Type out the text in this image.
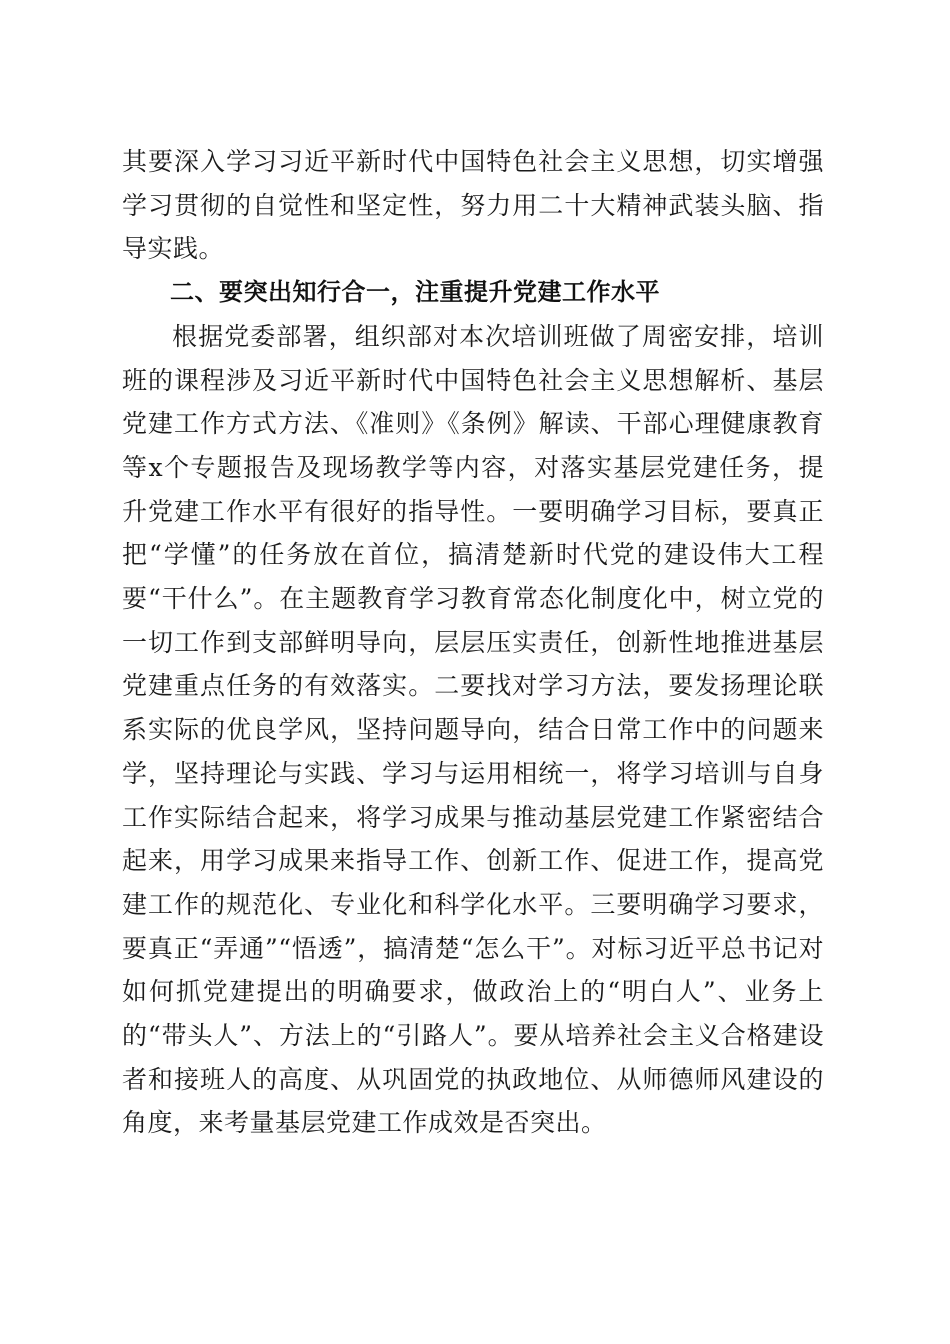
其要深入学习习近平新时代中国特色社会主义思想，切实增强学习贯彻的自觉性和坚定性，努力用二十大精神武装头脑、指导实践。

二、要突出知行合一，注重提升党建工作水平

根据党委部署，组织部对本次培训班做了周密安排，培训班的课程涉及习近平新时代中国特色社会主义思想解析、基层党建工作方式方法、《准则》《条例》解读、干部心理健康教育等x个专题报告及现场教学等内容，对落实基层党建任务，提升党建工作水平有很好的指导性。一要明确学习目标，要真正把“学懂”的任务放在首位，搞清楚新时代党的建设伟大工程要“干什么”。在主题教育学习教育常态化制度化中，树立党的一切工作到支部鲜明导向，层层压实责任，创新性地推进基层党建重点任务的有效落实。二要找对学习方法，要发扬理论联系实际的优良学风，坚持问题导向，结合日常工作中的问题来学，坚持理论与实践、学习与运用相统一，将学习培训与自身工作实际结合起来，将学习成果与推动基层党建工作紧密结合起来，用学习成果来指导工作、创新工作、促进工作，提高党建工作的规范化、专业化和科学化水平。三要明确学习要求，要真正“弄通”“悟透”，搞清楚“怎么干”。对标习近平总书记对如何抓党建提出的明确要求，做政治上的“明白人”、业务上的“带头人”、方法上的“引路人”。要从培养社会主义合格建设者和接班人的高度、从巩固党的执政地位、从师德师风建设的角度，来考量基层党建工作成效是否突出。
